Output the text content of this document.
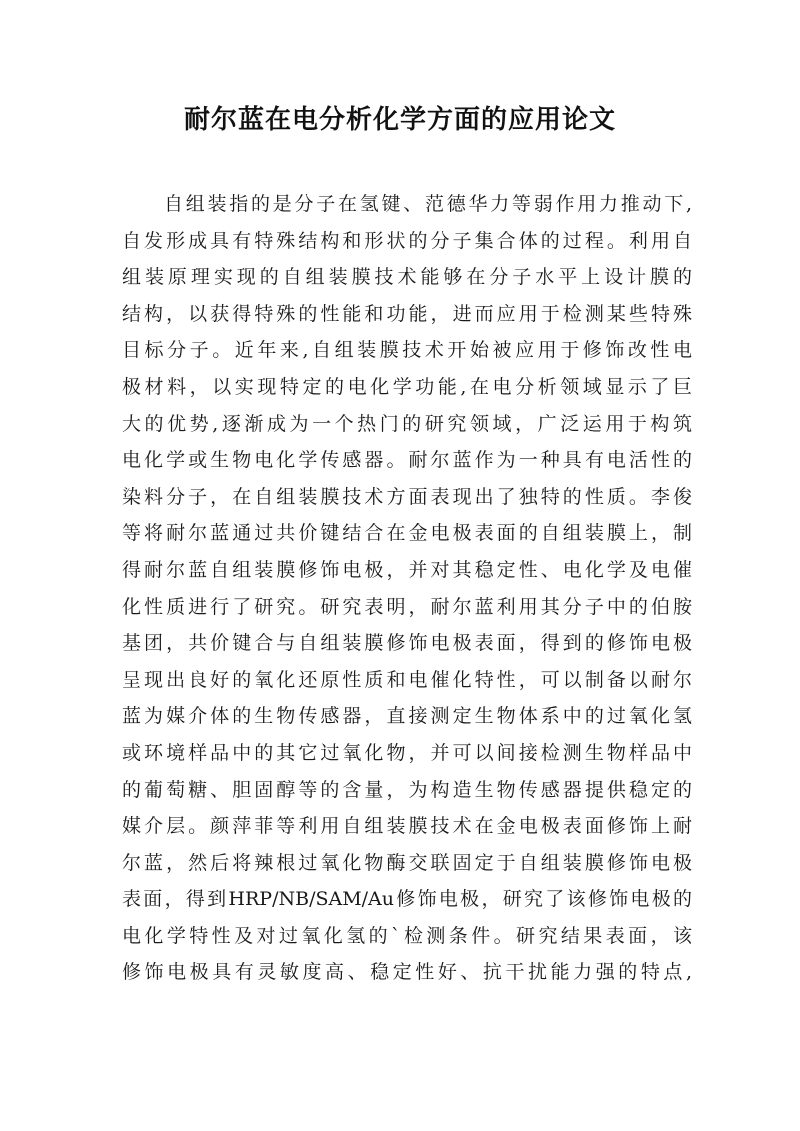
耐尔蓝在电分析化学方面的应用论文
自组装指的是分子在氢键、范德华力等弱作用力推动下,
自发形成具有特殊结构和形状的分子集合体的过程。利用自
组装原理实现的自组装膜技术能够在分子水平上设计膜的
结构，以获得特殊的性能和功能，进而应用于检测某些特殊
目标分子。近年来,自组装膜技术开始被应用于修饰改性电
极材料，以实现特定的电化学功能,在电分析领域显示了巨
大的优势,逐渐成为一个热门的研究领域，广泛运用于构筑
电化学或生物电化学传感器。耐尔蓝作为一种具有电活性的
染料分子，在自组装膜技术方面表现出了独特的性质。李俊
等将耐尔蓝通过共价键结合在金电极表面的自组装膜上，制
得耐尔蓝自组装膜修饰电极，并对其稳定性、电化学及电催
化性质进行了研究。研究表明，耐尔蓝利用其分子中的伯胺
基团，共价键合与自组装膜修饰电极表面，得到的修饰电极
呈现出良好的氧化还原性质和电催化特性，可以制备以耐尔
蓝为媒介体的生物传感器，直接测定生物体系中的过氧化氢
或环境样品中的其它过氧化物，并可以间接检测生物样品中
的葡萄糖、胆固醇等的含量，为构造生物传感器提供稳定的
媒介层。颜萍菲等利用自组装膜技术在金电极表面修饰上耐
尔蓝，然后将辣根过氧化物酶交联固定于自组装膜修饰电极
表面，得到HRP/NB/SAM/Au修饰电极，研究了该修饰电极的
电化学特性及对过氧化氢的`检测条件。研究结果表面，该
修饰电极具有灵敏度高、稳定性好、抗干扰能力强的特点,
